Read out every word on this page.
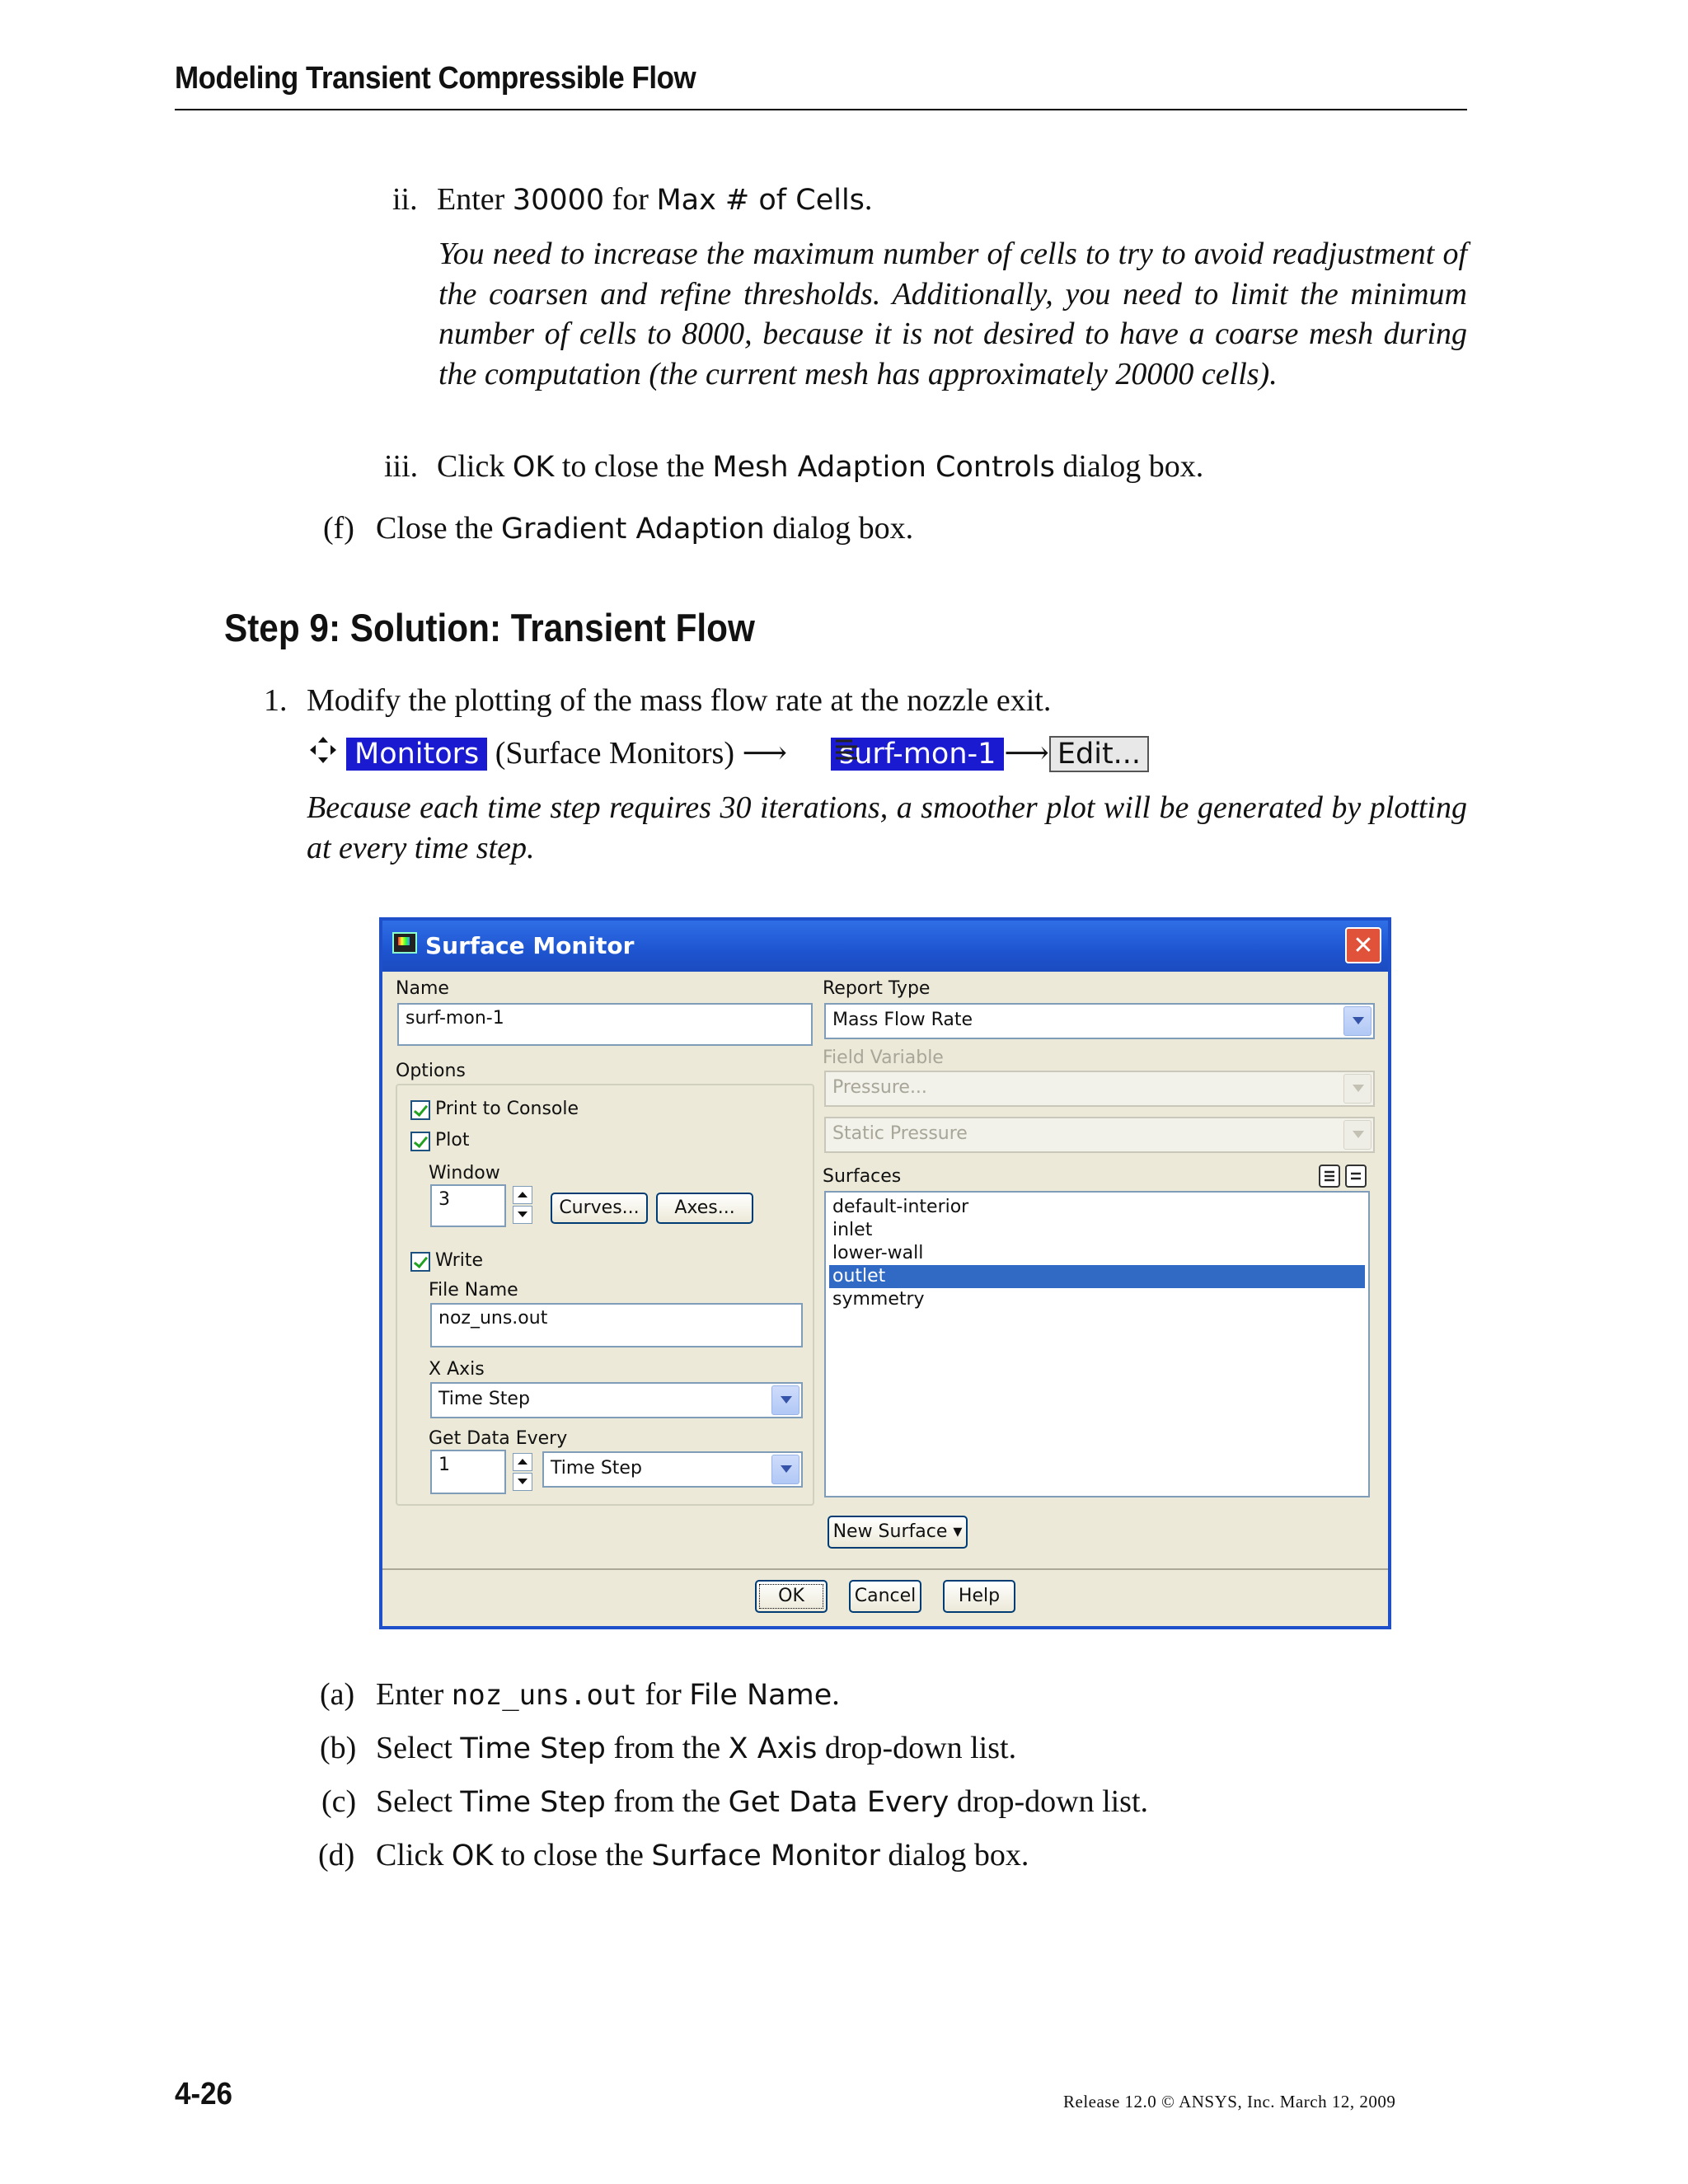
Modeling Transient Compressible Flow
ii. Enter 30000 for Max # of Cells.
You need to increase the maximum number of cells to try to avoid readjustment of the coarsen and refine thresholds. Additionally, you need to limit the minimum number of cells to 8000, because it is not desired to have a coarse mesh during the computation (the current mesh has approximately 20000 cells).
iii. Click OK to close the Mesh Adaption Controls dialog box.
(f) Close the Gradient Adaption dialog box.
Step 9: Solution: Transient Flow
1. Modify the plotting of the mass flow rate at the nozzle exit.
Monitors (Surface Monitors) ⟶ surf-mon-1 ⟶ Edit...
Because each time step requires 30 iterations, a smoother plot will be generated by plotting at every time step.
Surface Monitor	✕
Name
surf-mon-1
Options
Print to Console
Plot
Window
3	Curves...	Axes...
Write
File Name
noz_uns.out
X Axis
Time Step
Get Data Every
1	Time Step
Report Type
Mass Flow Rate
Field Variable
Pressure...
Static Pressure
Surfaces
default-interior
inlet
lower-wall
outlet
symmetry
New Surface ▾
OK	Cancel	Help
(a) Enter noz_uns.out for File Name.
(b) Select Time Step from the X Axis drop-down list.
(c) Select Time Step from the Get Data Every drop-down list.
(d) Click OK to close the Surface Monitor dialog box.
4-26	Release 12.0 © ANSYS, Inc. March 12, 2009
